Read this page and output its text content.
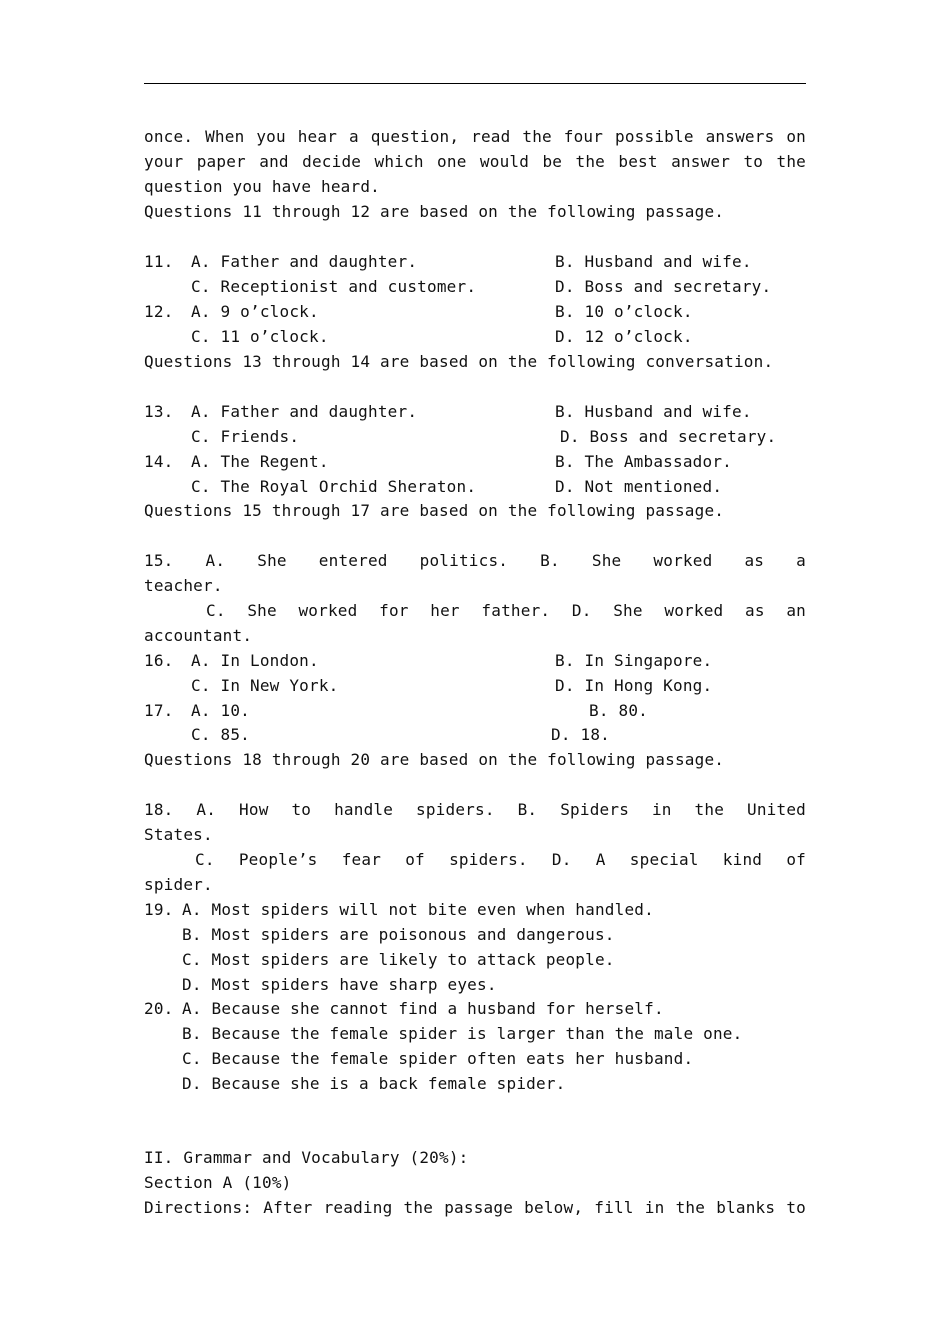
once. When you hear a question, read the four possible answers on
your paper and decide which one would be the best answer to the
question you have heard.
Questions 11 through 12 are based on the following passage.
11. A. Father and daughter.	B. Husband and wife.
C. Receptionist and customer.	D. Boss and secretary.
12. A. 9 o’clock.	B. 10 o’clock.
C. 11 o’clock.	D. 12 o’clock.
Questions 13 through 14 are based on the following conversation.
13. A. Father and daughter.	B. Husband and wife.
C. Friends.	D. Boss and secretary.
14. A. The Regent.	B. The Ambassador.
C. The Royal Orchid Sheraton.	D. Not mentioned.
Questions 15 through 17 are based on the following passage.
15. A. She entered politics. B. She worked as a
teacher.
C. She worked for her father. D. She worked as an
accountant.
16. A. In London.	B. In Singapore.
C. In New York.	D. In Hong Kong.
17. A. 10.	B. 80.
C. 85.	D. 18.
Questions 18 through 20 are based on the following passage.
18. A. How to handle spiders. B. Spiders in the United
States.
C. People’s fear of spiders. D. A special kind of
spider.
19. A. Most spiders will not bite even when handled.
B. Most spiders are poisonous and dangerous.
C. Most spiders are likely to attack people.
D. Most spiders have sharp eyes.
20. A. Because she cannot find a husband for herself.
B. Because the female spider is larger than the male one.
C. Because the female spider often eats her husband.
D. Because she is a back female spider.
II. Grammar and Vocabulary (20%):
Section A (10%)
Directions: After reading the passage below, fill in the blanks to
